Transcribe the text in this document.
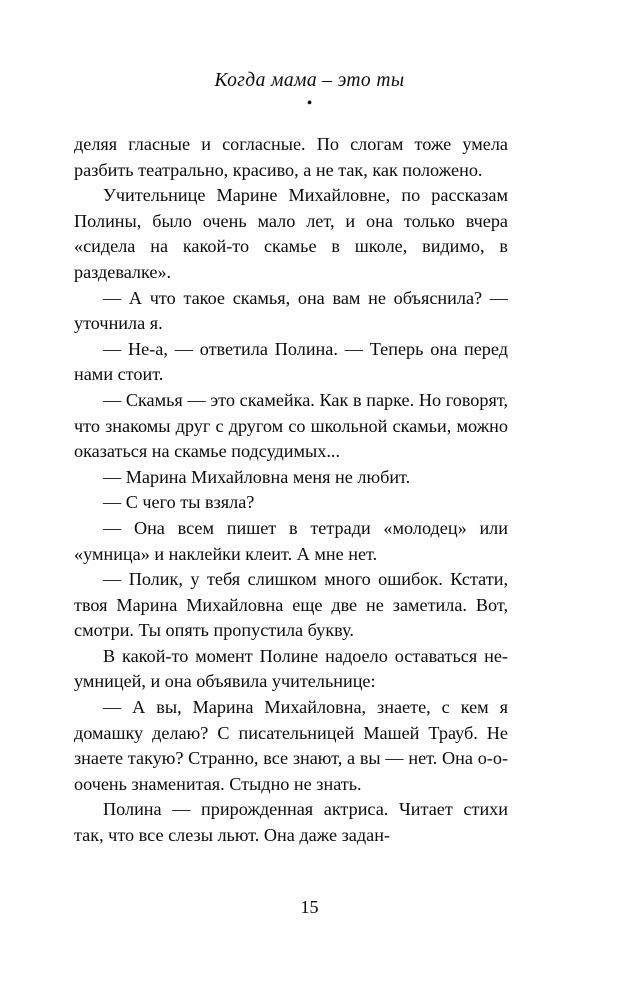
Когда мама – это ты
•

деляя гласные и согласные. По слогам тоже умела разбить театрально, красиво, а не так, как положено.

Учительнице Марине Михайловне, по рассказам Полины, было очень мало лет, и она только вчера «сидела на какой-то скамье в школе, видимо, в раздевалке».

— А что такое скамья, она вам не объяснила? — уточнила я.

— Не-а, — ответила Полина. — Теперь она перед нами стоит.

— Скамья — это скамейка. Как в парке. Но говорят, что знакомы друг с другом со школьной скамьи, можно оказаться на скамье подсудимых...

— Марина Михайловна меня не любит.

— С чего ты взяла?

— Она всем пишет в тетради «молодец» или «умница» и наклейки клеит. А мне нет.

— Полик, у тебя слишком много ошибок. Кстати, твоя Марина Михайловна еще две не заметила. Вот, смотри. Ты опять пропустила букву.

В какой-то момент Полине надоело оставаться не-умницей, и она объявила учительнице:

— А вы, Марина Михайловна, знаете, с кем я домашку делаю? С писательницей Машей Трауб. Не знаете такую? Странно, все знают, а вы — нет. Она о-о-оочень знаменитая. Стыдно не знать.

Полина — прирожденная актриса. Читает стихи так, что все слезы льют. Она даже задан-

15
